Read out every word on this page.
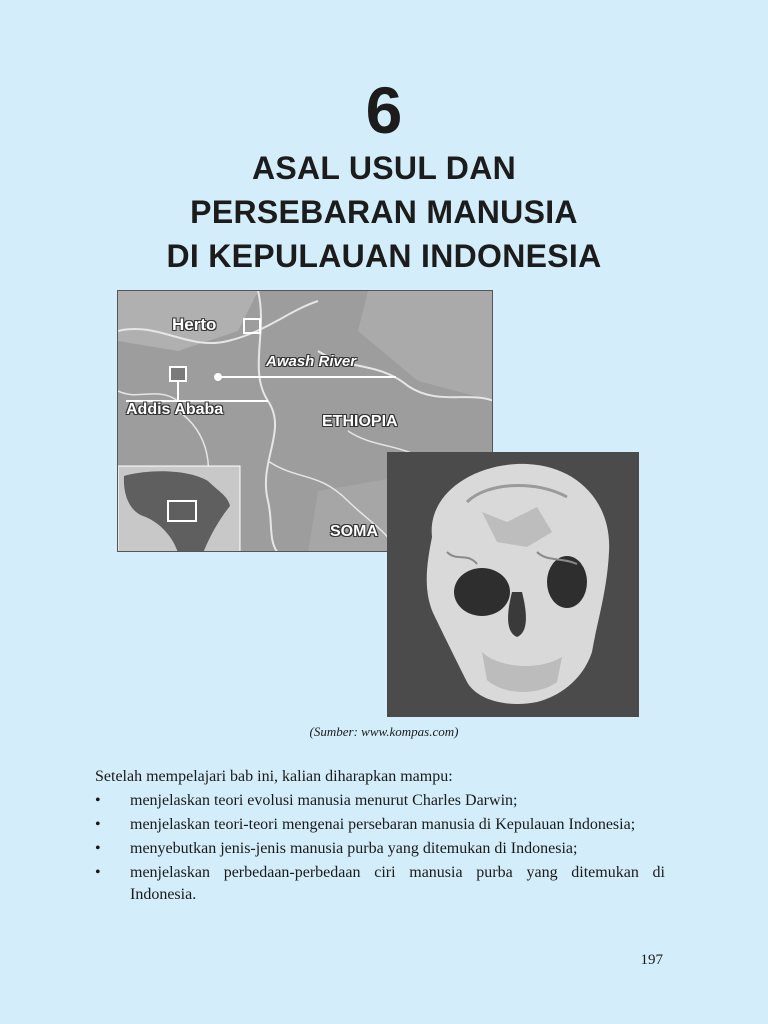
6
ASAL USUL DAN
PERSEBARAN MANUSIA
DI KEPULAUAN INDONESIA
Herto
Awash River
Addis Ababa
ETHIOPIA
SOMA
(Sumber: www.kompas.com)
Setelah mempelajari bab ini, kalian diharapkan mampu:
• menjelaskan teori evolusi manusia menurut Charles Darwin;
• menjelaskan teori-teori mengenai persebaran manusia di Kepulauan Indonesia;
• menyebutkan jenis-jenis manusia purba yang ditemukan di Indonesia;
• menjelaskan perbedaan-perbedaan ciri manusia purba yang ditemukan di Indonesia.
197
